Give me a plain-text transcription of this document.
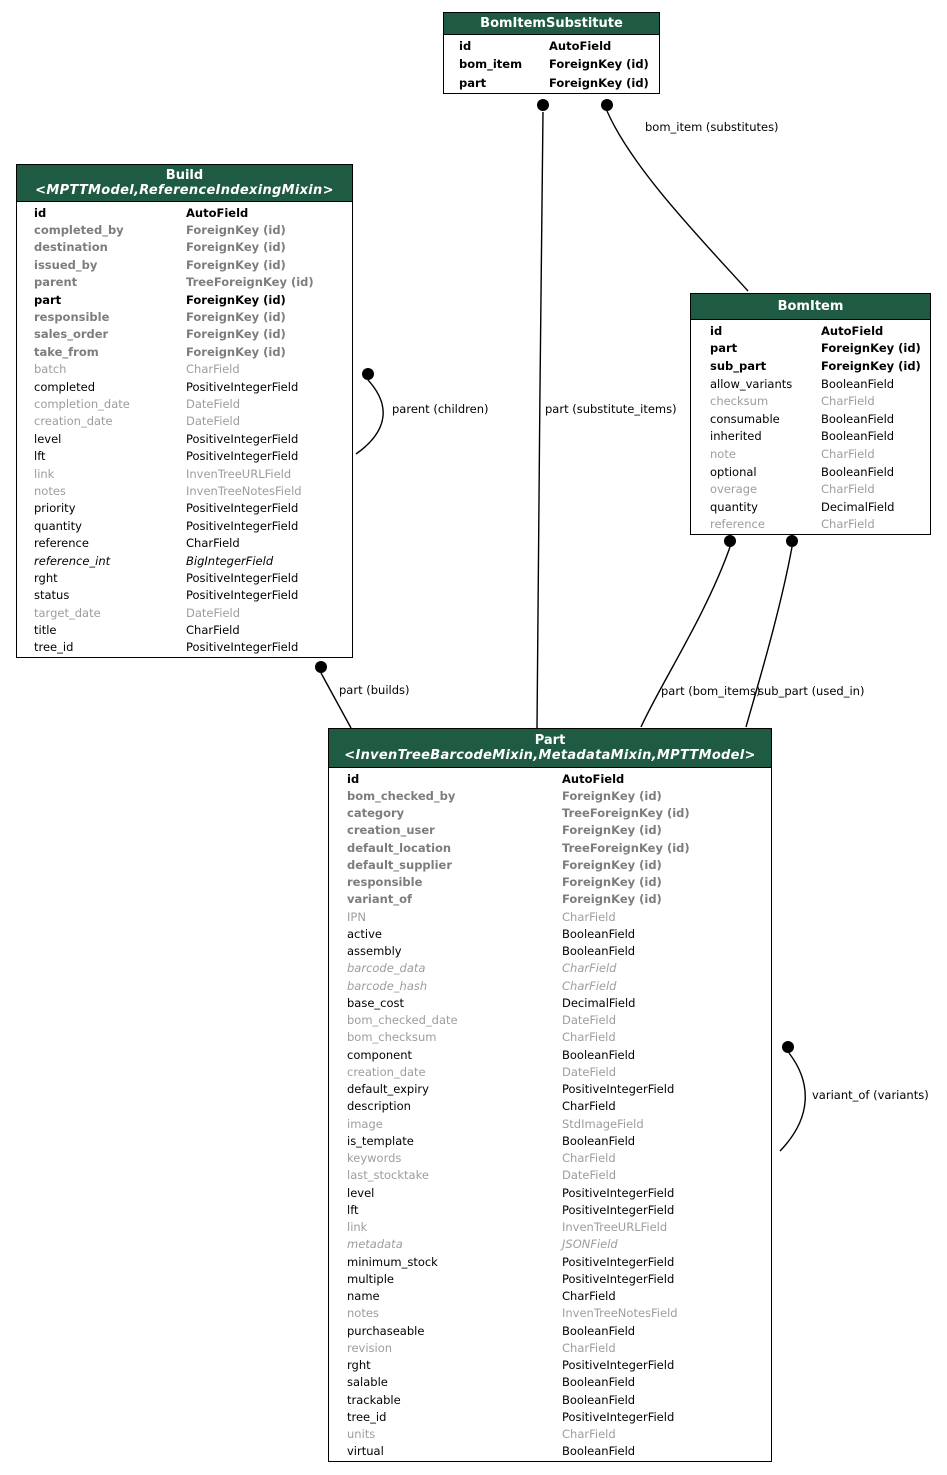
bom_item (substitutes)
part (substitute_items)
parent (children)
part (builds)	part (bom_items)
sub_part (used_in)
variant_of (variants)
BomItemSubstitute
id	AutoField
bom_item	ForeignKey (id)
part	ForeignKey (id)
Build
<MPTTModel,ReferenceIndexingMixin>
id	AutoField
completed_by	ForeignKey (id)
destination	ForeignKey (id)
issued_by	ForeignKey (id)
parent	TreeForeignKey (id)
part	ForeignKey (id)
responsible	ForeignKey (id)
sales_order	ForeignKey (id)
take_from	ForeignKey (id)
batch	CharField
completed	PositiveIntegerField
completion_date	DateField
creation_date	DateField
level	PositiveIntegerField
lft	PositiveIntegerField
link	InvenTreeURLField
notes	InvenTreeNotesField
priority	PositiveIntegerField
quantity	PositiveIntegerField
reference	CharField
reference_int	BigIntegerField
rght	PositiveIntegerField
status	PositiveIntegerField
target_date	DateField
title	CharField
tree_id	PositiveIntegerField
BomItem
id	AutoField
part	ForeignKey (id)
sub_part	ForeignKey (id)
allow_variants	BooleanField
checksum	CharField
consumable	BooleanField
inherited	BooleanField
note	CharField
optional	BooleanField
overage	CharField
quantity	DecimalField
reference	CharField
Part
<InvenTreeBarcodeMixin,MetadataMixin,MPTTModel>
id	AutoField
bom_checked_by	ForeignKey (id)
category	TreeForeignKey (id)
creation_user	ForeignKey (id)
default_location	TreeForeignKey (id)
default_supplier	ForeignKey (id)
responsible	ForeignKey (id)
variant_of	ForeignKey (id)
IPN	CharField
active	BooleanField
assembly	BooleanField
barcode_data	CharField
barcode_hash	CharField
base_cost	DecimalField
bom_checked_date	DateField
bom_checksum	CharField
component	BooleanField
creation_date	DateField
default_expiry	PositiveIntegerField
description	CharField
image	StdImageField
is_template	BooleanField
keywords	CharField
last_stocktake	DateField
level	PositiveIntegerField
lft	PositiveIntegerField
link	InvenTreeURLField
metadata	JSONField
minimum_stock	PositiveIntegerField
multiple	PositiveIntegerField
name	CharField
notes	InvenTreeNotesField
purchaseable	BooleanField
revision	CharField
rght	PositiveIntegerField
salable	BooleanField
trackable	BooleanField
tree_id	PositiveIntegerField
units	CharField
virtual	BooleanField
